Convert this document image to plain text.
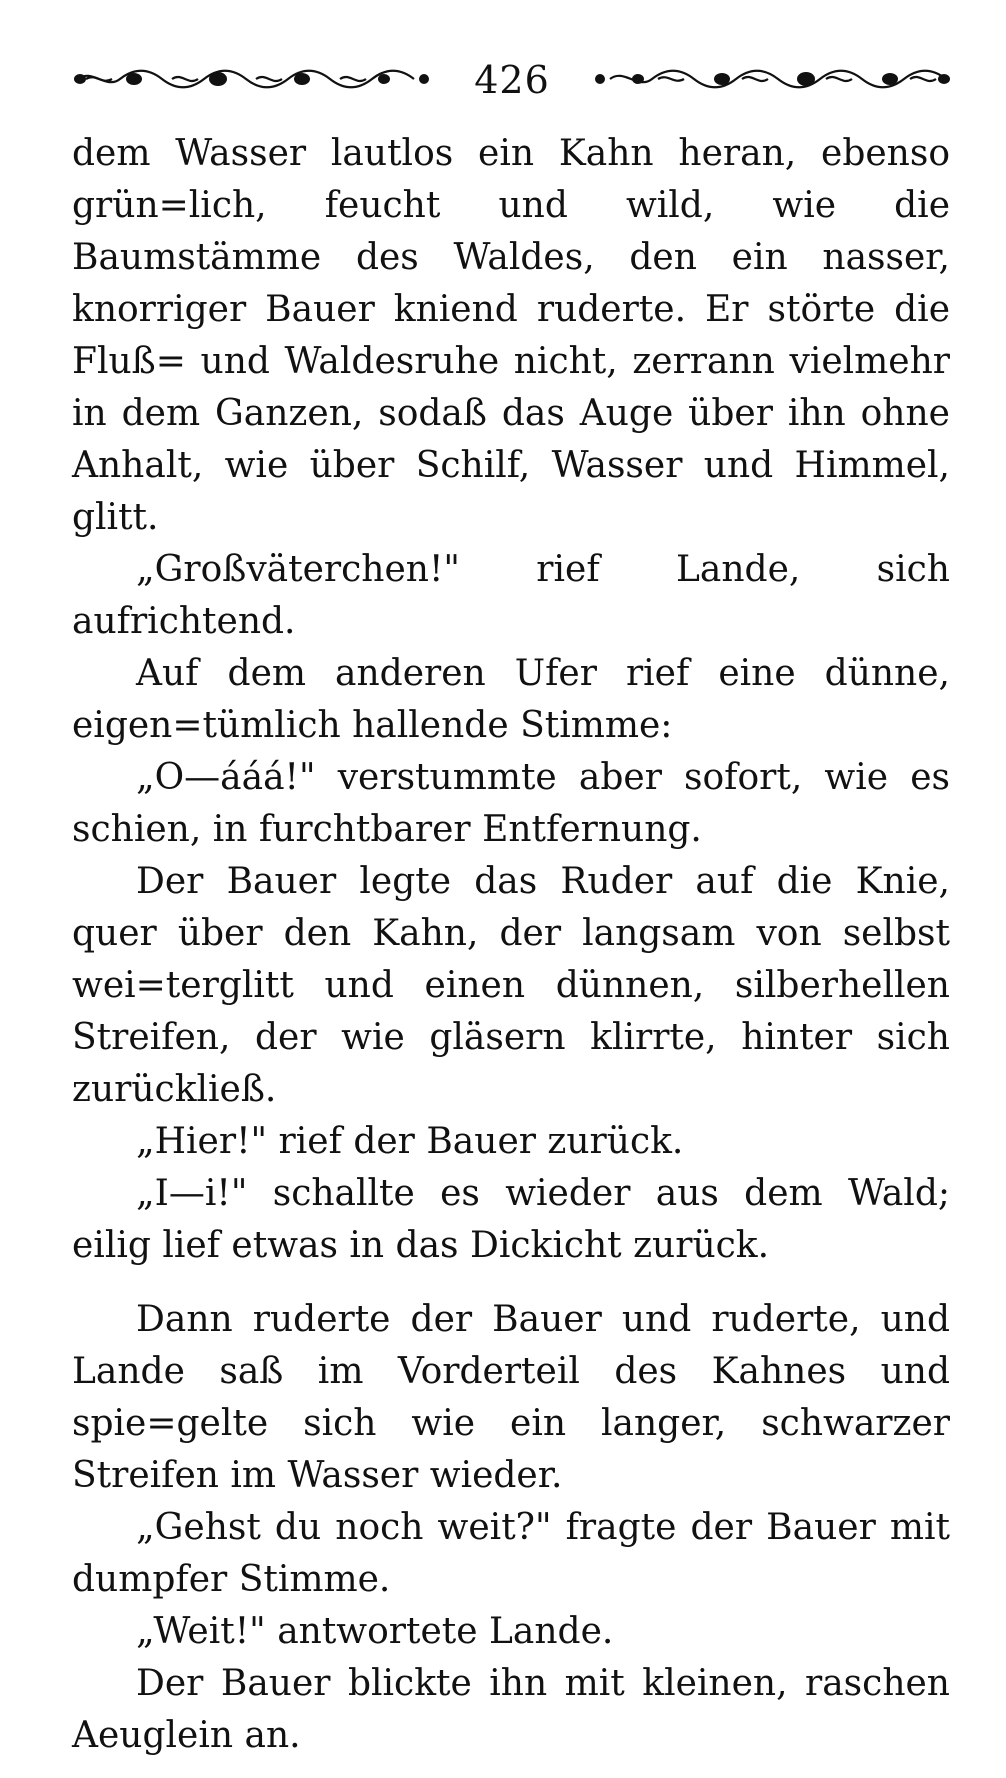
426

dem Wasser lautlos ein Kahn heran, ebenso grün=lich, feucht und wild, wie die Baumstämme des Waldes, den ein nasser, knorriger Bauer kniend ruderte. Er störte die Fluß= und Waldesruhe nicht, zerrann vielmehr in dem Ganzen, sodaß das Auge über ihn ohne Anhalt, wie über Schilf, Wasser und Himmel, glitt.

„Großväterchen!" rief Lande, sich aufrichtend.

Auf dem anderen Ufer rief eine dünne, eigen=tümlich hallende Stimme:

„O—ááá!" verstummte aber sofort, wie es schien, in furchtbarer Entfernung.

Der Bauer legte das Ruder auf die Knie, quer über den Kahn, der langsam von selbst wei=terglitt und einen dünnen, silberhellen Streifen, der wie gläsern klirrte, hinter sich zurückließ.

„Hier!" rief der Bauer zurück.

„I—i!" schallte es wieder aus dem Wald; eilig lief etwas in das Dickicht zurück.

Dann ruderte der Bauer und ruderte, und Lande saß im Vorderteil des Kahnes und spie=gelte sich wie ein langer, schwarzer Streifen im Wasser wieder.

„Gehst du noch weit?" fragte der Bauer mit dumpfer Stimme.

„Weit!" antwortete Lande.

Der Bauer blickte ihn mit kleinen, raschen Aeuglein an.
